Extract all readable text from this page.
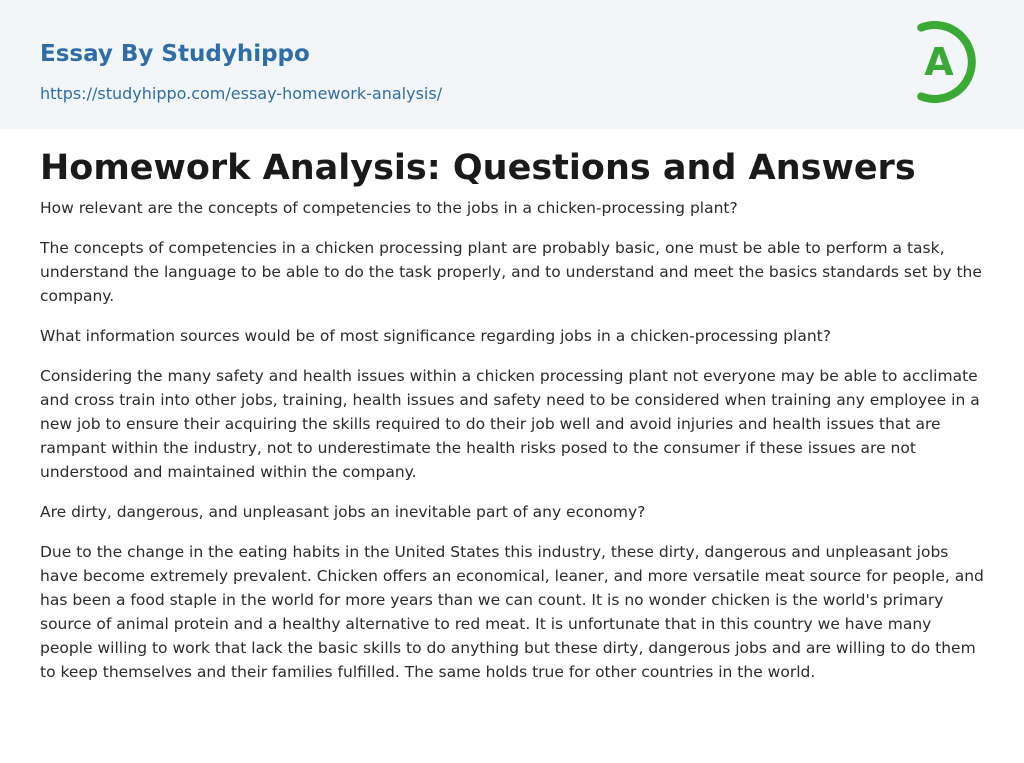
Essay By Studyhippo
https://studyhippo.com/essay-homework-analysis/
A
Homework Analysis: Questions and Answers

How relevant are the concepts of competencies to the jobs in a chicken-processing plant?

The concepts of competencies in a chicken processing plant are probably basic, one must be able to perform a task, understand the language to be able to do the task properly, and to understand and meet the basics standards set by the company.

What information sources would be of most significance regarding jobs in a chicken-processing plant?

Considering the many safety and health issues within a chicken processing plant not everyone may be able to acclimate and cross train into other jobs, training, health issues and safety need to be considered when training any employee in a new job to ensure their acquiring the skills required to do their job well and avoid injuries and health issues that are rampant within the industry, not to underestimate the health risks posed to the consumer if these issues are not understood and maintained within the company.

Are dirty, dangerous, and unpleasant jobs an inevitable part of any economy?

Due to the change in the eating habits in the United States this industry, these dirty, dangerous and unpleasant jobs have become extremely prevalent. Chicken offers an economical, leaner, and more versatile meat source for people, and has been a food staple in the world for more years than we can count. It is no wonder chicken is the world's primary source of animal protein and a healthy alternative to red meat. It is unfortunate that in this country we have many people willing to work that lack the basic skills to do anything but these dirty, dangerous jobs and are willing to do them to keep themselves and their families fulfilled. The same holds true for other countries in the world.
